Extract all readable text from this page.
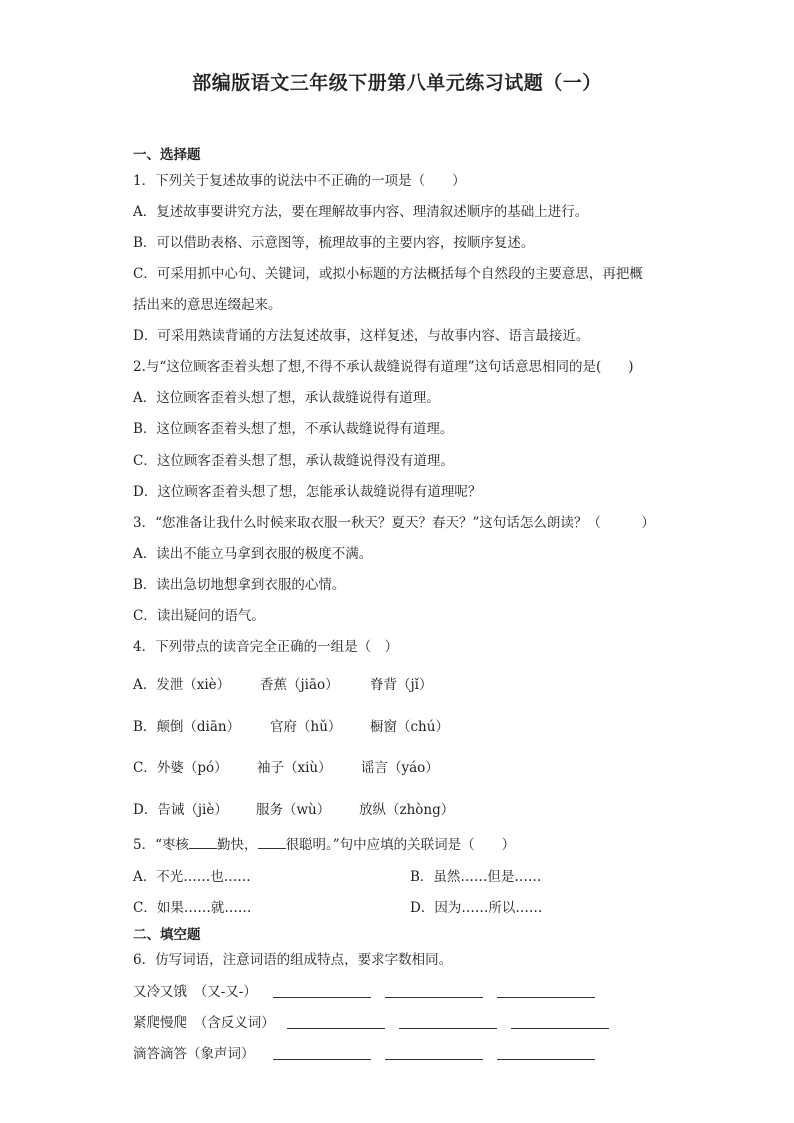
部编版语文三年级下册第八单元练习试题（一）
一、选择题
1．下列关于复述故事的说法中不正确的一项是（　　）
A．复述故事要讲究方法，要在理解故事内容、理清叙述顺序的基础上进行。
B．可以借助表格、示意图等，梳理故事的主要内容，按顺序复述。
C．可采用抓中心句、关键词，或拟小标题的方法概括每个自然段的主要意思，再把概
括出来的意思连缀起来。
D．可采用熟读背诵的方法复述故事，这样复述，与故事内容、语言最接近。
2.与“这位顾客歪着头想了想,不得不承认裁缝说得有道理”这句话意思相同的是(　　)
A．这位顾客歪着头想了想，承认裁缝说得有道理。
B．这位顾客歪着头想了想，不承认裁缝说得有道理。
C．这位顾客歪着头想了想，承认裁缝说得没有道理。
D．这位顾客歪着头想了想，怎能承认裁缝说得有道理呢？
3．“您准备让我什么时候来取衣服一秋天？夏天？春天？”这句话怎么朗读？（　　　）
A．读出不能立马拿到衣服的极度不满。
B．读出急切地想拿到衣服的心情。
C．读出疑问的语气。
4．下列带点的读音完全正确的一组是（　）
A．发泄（xiè） 香蕉（jiāo） 脊背（jǐ）
B．颠倒（diān） 官府（hǔ） 橱窗（chú）
C．外婆（pó） 袖子（xiù） 谣言（yáo）
D．告诫（jiè） 服务（wù） 放纵（zhòng）
5．“枣核 勤快， 很聪明。”句中应填的关联词是（　　）
A．不光……也……	B．虽然……但是……
C．如果……就……	D．因为……所以……
二、填空题
6．仿写词语，注意词语的组成特点，要求字数相同。
又冷又饿　（又-又-）
紧爬慢爬　（含反义词）
滴答滴答（象声词）
